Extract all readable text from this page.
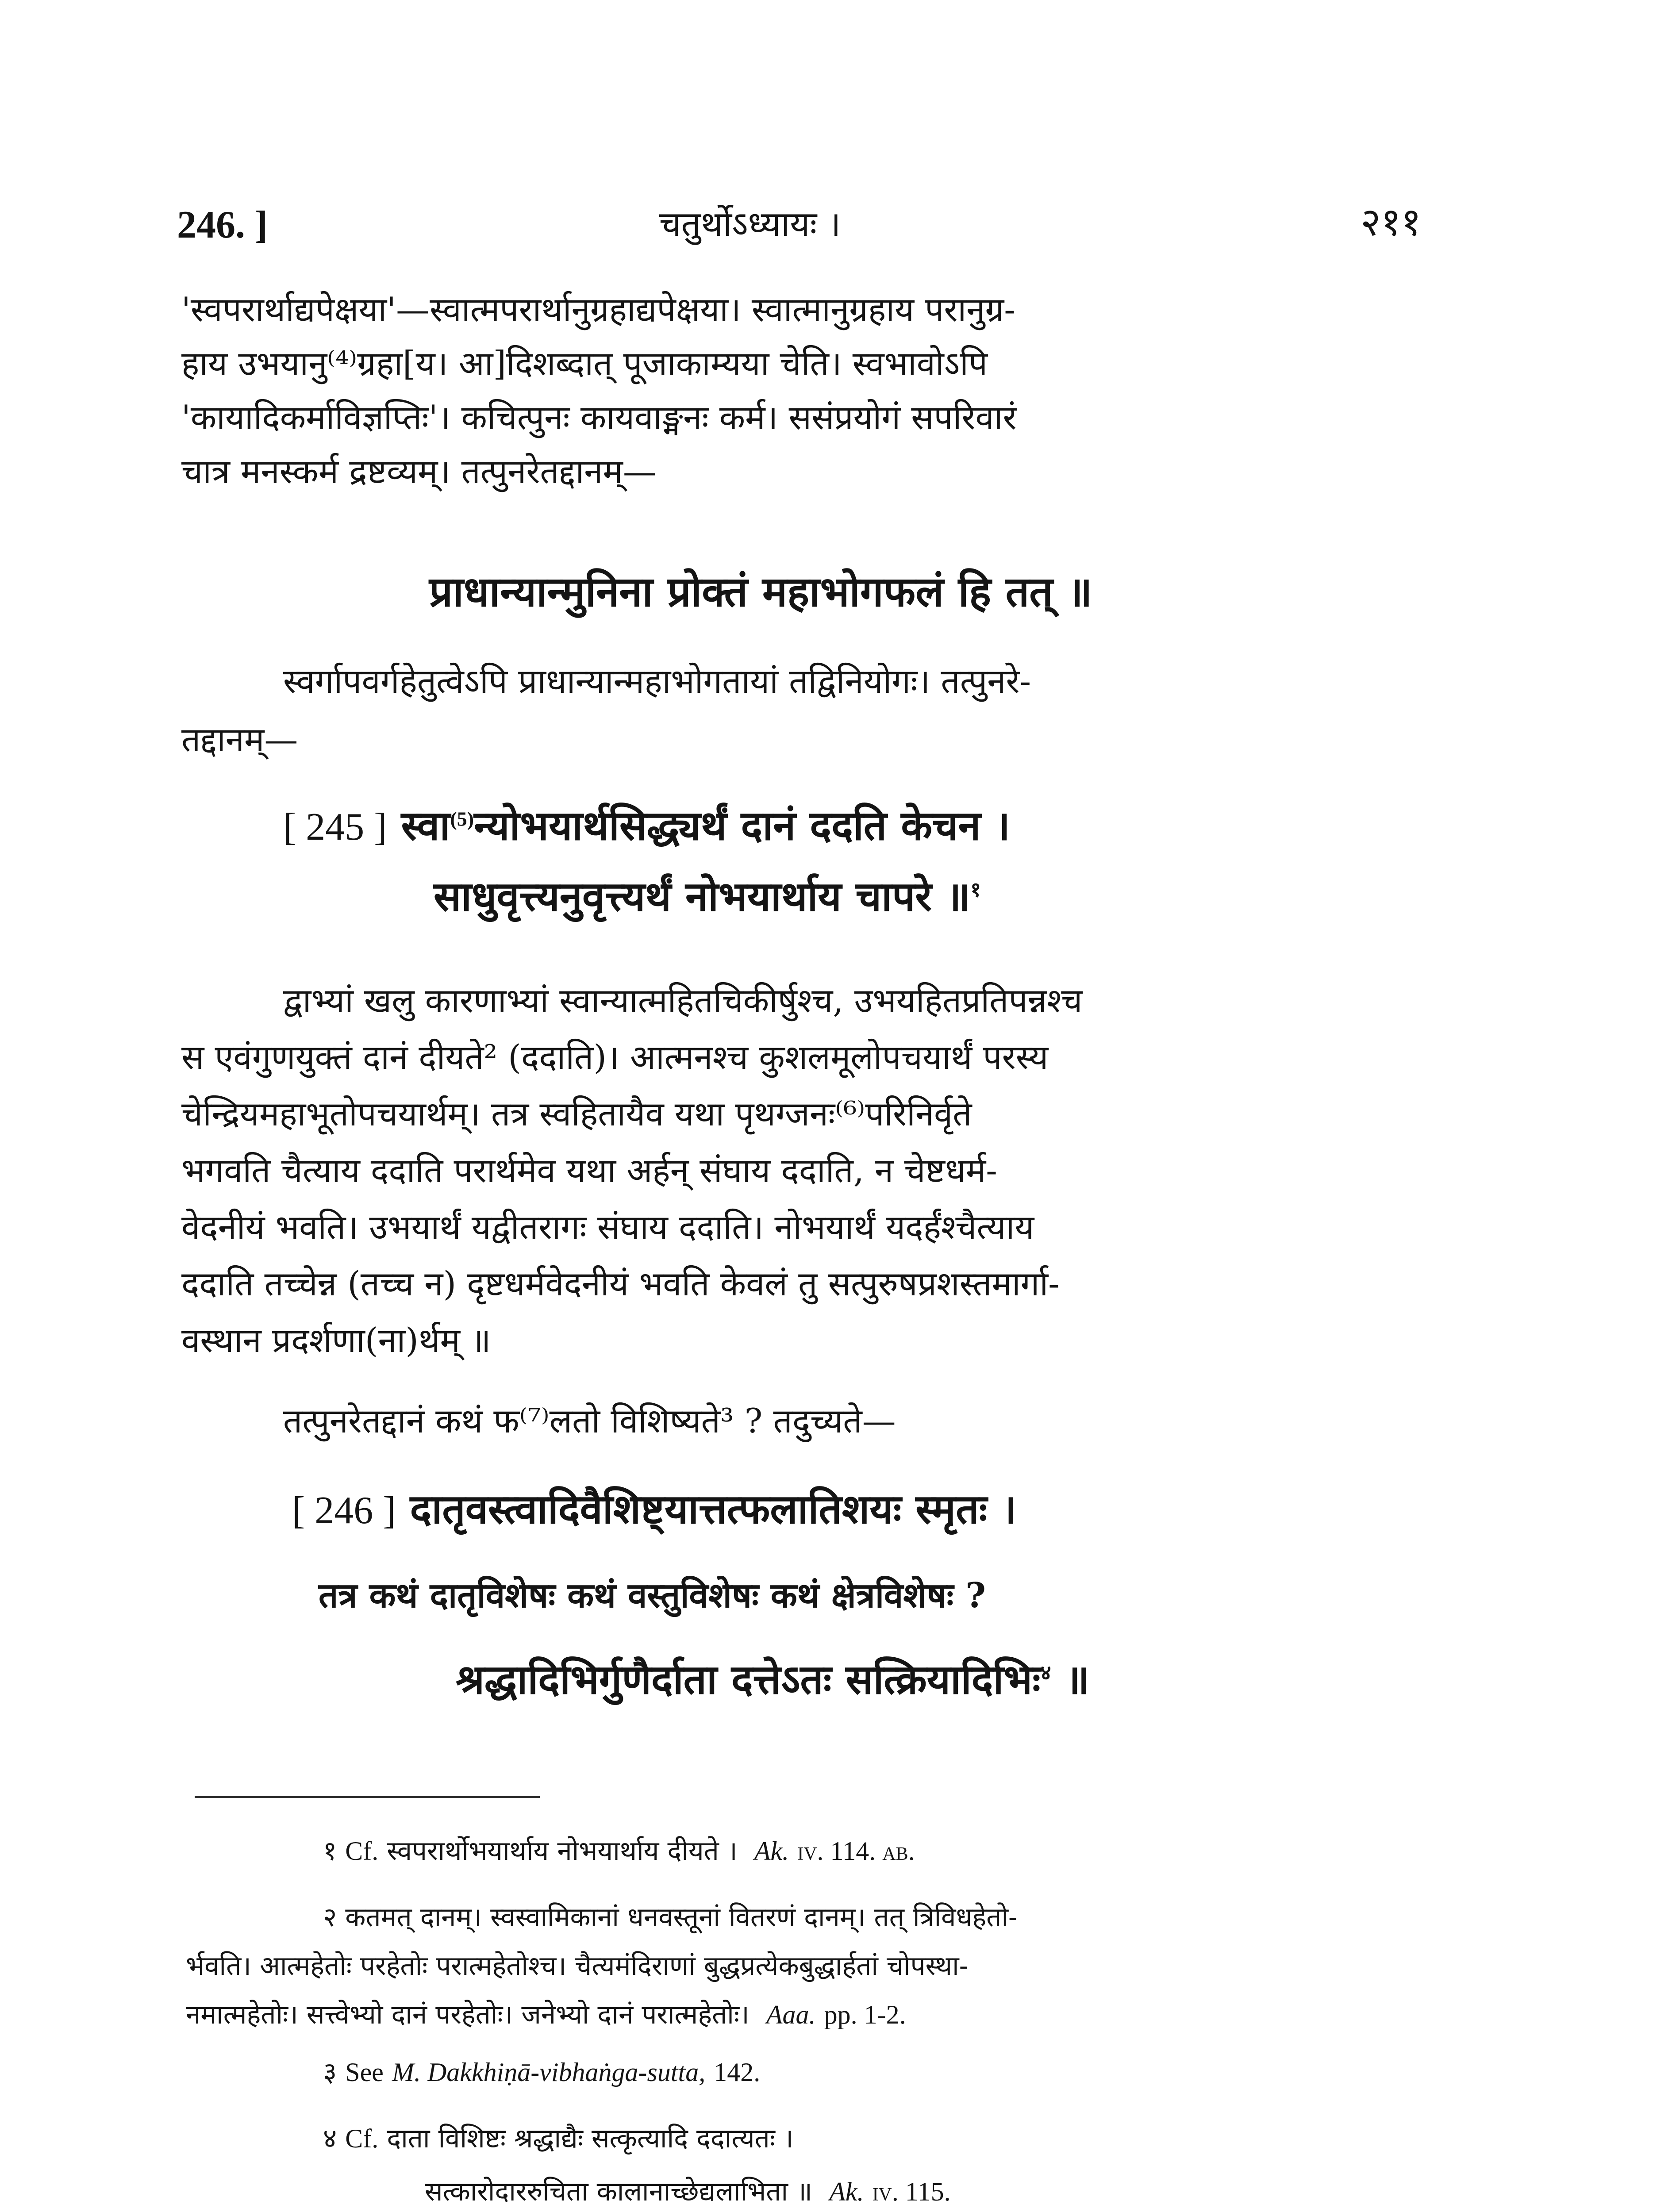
246. ]	चतुर्थोऽध्यायः ।	२११
'स्वपरार्थाद्यपेक्षया'—स्वात्मपरार्थानुग्रहाद्यपेक्षया। स्वात्मानुग्रहाय परानुग्र-
हाय उभयानु⁽⁴⁾ग्रहा[य। आ]दिशब्दात् पूजाकाम्यया चेति। स्वभावोऽपि
'कायादिकर्माविज्ञप्तिः'। कचित्पुनः कायवाङ्मनः कर्म। ससंप्रयोगं सपरिवारं
चात्र मनस्कर्म द्रष्टव्यम्। तत्पुनरेतद्दानम्—
प्राधान्यान्मुनिना प्रोक्तं महाभोगफलं हि तत् ॥
स्वर्गापवर्गहेतुत्वेऽपि प्राधान्यान्महाभोगतायां तद्विनियोगः। तत्पुनरे-
तद्दानम्—
[ 245 ] स्वा$^{(5)}$न्योभयार्थसिद्ध्यर्थं दानं ददति केचन ।
साधुवृत्त्यनुवृत्त्यर्थं नोभयार्थाय चापरे ॥$^१$
द्वाभ्यां खलु कारणाभ्यां स्वान्यात्महितचिकीर्षुश्च, उभयहितप्रतिपन्नश्च
स एवंगुणयुक्तं दानं दीयते² (ददाति)। आत्मनश्च कुशलमूलोपचयार्थं परस्य
चेन्द्रियमहाभूतोपचयार्थम्। तत्र स्वहितायैव यथा पृथग्जनः⁽⁶⁾परिनिर्वृते
भगवति चैत्याय ददाति परार्थमेव यथा अर्हन् संघाय ददाति, न चेष्टधर्म-
वेदनीयं भवति। उभयार्थं यद्वीतरागः संघाय ददाति। नोभयार्थं यदर्हंश्चैत्याय
ददाति तच्चेन्न (तच्च न) दृष्टधर्मवेदनीयं भवति केवलं तु सत्पुरुषप्रशस्तमार्गा-
वस्थान प्रदर्शणा(ना)र्थम् ॥
तत्पुनरेतद्दानं कथं फ⁽⁷⁾लतो विशिष्यते³ ? तदुच्यते—
[ 246 ] दातृवस्त्वादिवैशिष्ट्यात्तत्फलातिशयः स्मृतः ।
तत्र कथं दातृविशेषः कथं वस्तुविशेषः कथं क्षेत्रविशेषः ?
श्रद्धादिभिर्गुणैर्दाता दत्तेऽतः सत्क्रियादिभिः$^४$ ॥
१ Cf. स्वपरार्थोभयार्थाय नोभयार्थाय दीयते । Ak. iv. 114. ab.
२ कतमत् दानम्। स्वस्वामिकानां धनवस्तूनां वितरणं दानम्। तत् त्रिविधहेतो-
र्भवति। आत्महेतोः परहेतोः परात्महेतोश्च। चैत्यमंदिराणां बुद्धप्रत्येकबुद्धार्हतां चोपस्था-
नमात्महेतोः। सत्त्वेभ्यो दानं परहेतोः। जनेभ्यो दानं परात्महेतोः। Aaa. pp. 1-2.
३ See M. Dakkhiṇā-vibhaṅga-sutta, 142.
४ Cf. दाता विशिष्टः श्रद्धाद्यैः सत्कृत्यादि ददात्यतः ।
सत्कारोदाररुचिता कालानाच्छेद्यलाभिता ॥ Ak. iv. 115.
